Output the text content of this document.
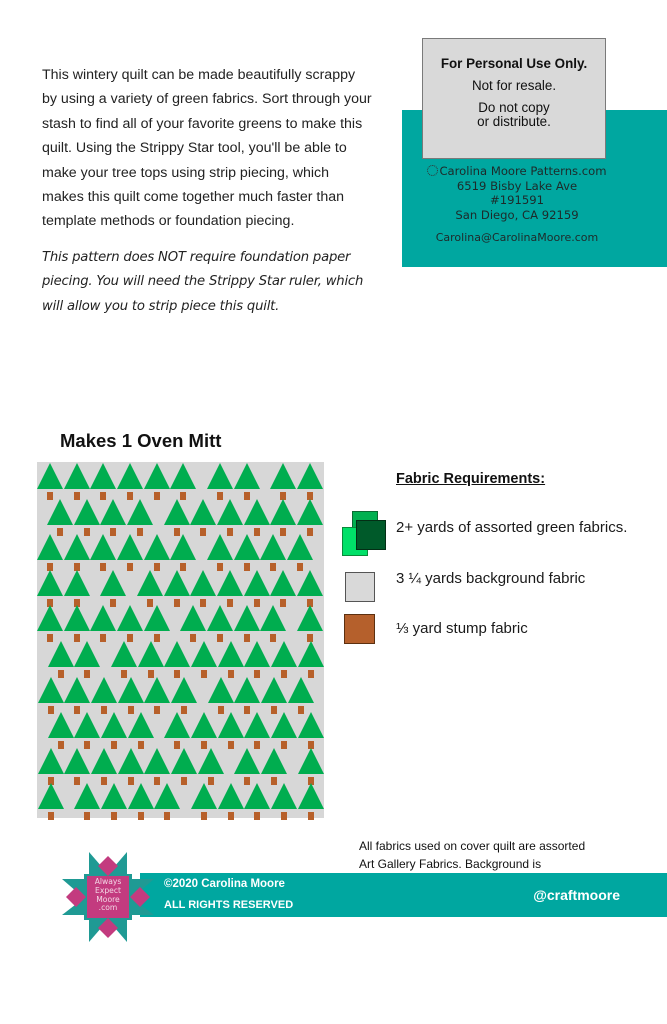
This wintery quilt can be made beautifully scrappy by using a variety of green fabrics. Sort through your stash to find all of your favorite greens to make this quilt. Using the Strippy Star tool, you'll be able to make your tree tops using strip piecing, which makes this quilt come together much faster than template methods or foundation piecing.

This pattern does NOT require foundation paper piecing. You will need the Strippy Star ruler, which will allow you to strip piece this quilt.

Carolina Moore Patterns.com
6519 Bisby Lake Ave
#191591
San Diego, CA 92159
Carolina@CarolinaMoore.com
For Personal Use Only.
Not for resale.
Do not copy
or distribute.
Makes 1 Oven Mitt
Fabric Requirements:
2+ yards of assorted green fabrics.
3 ¼ yards background fabric
⅓ yard stump fabric
All fabrics used on cover quilt are assorted
Art Gallery Fabrics. Background is
©2020 Carolina Moore
ALL RIGHTS RESERVED
@craftmoore
Always
Expect
Moore
.com
